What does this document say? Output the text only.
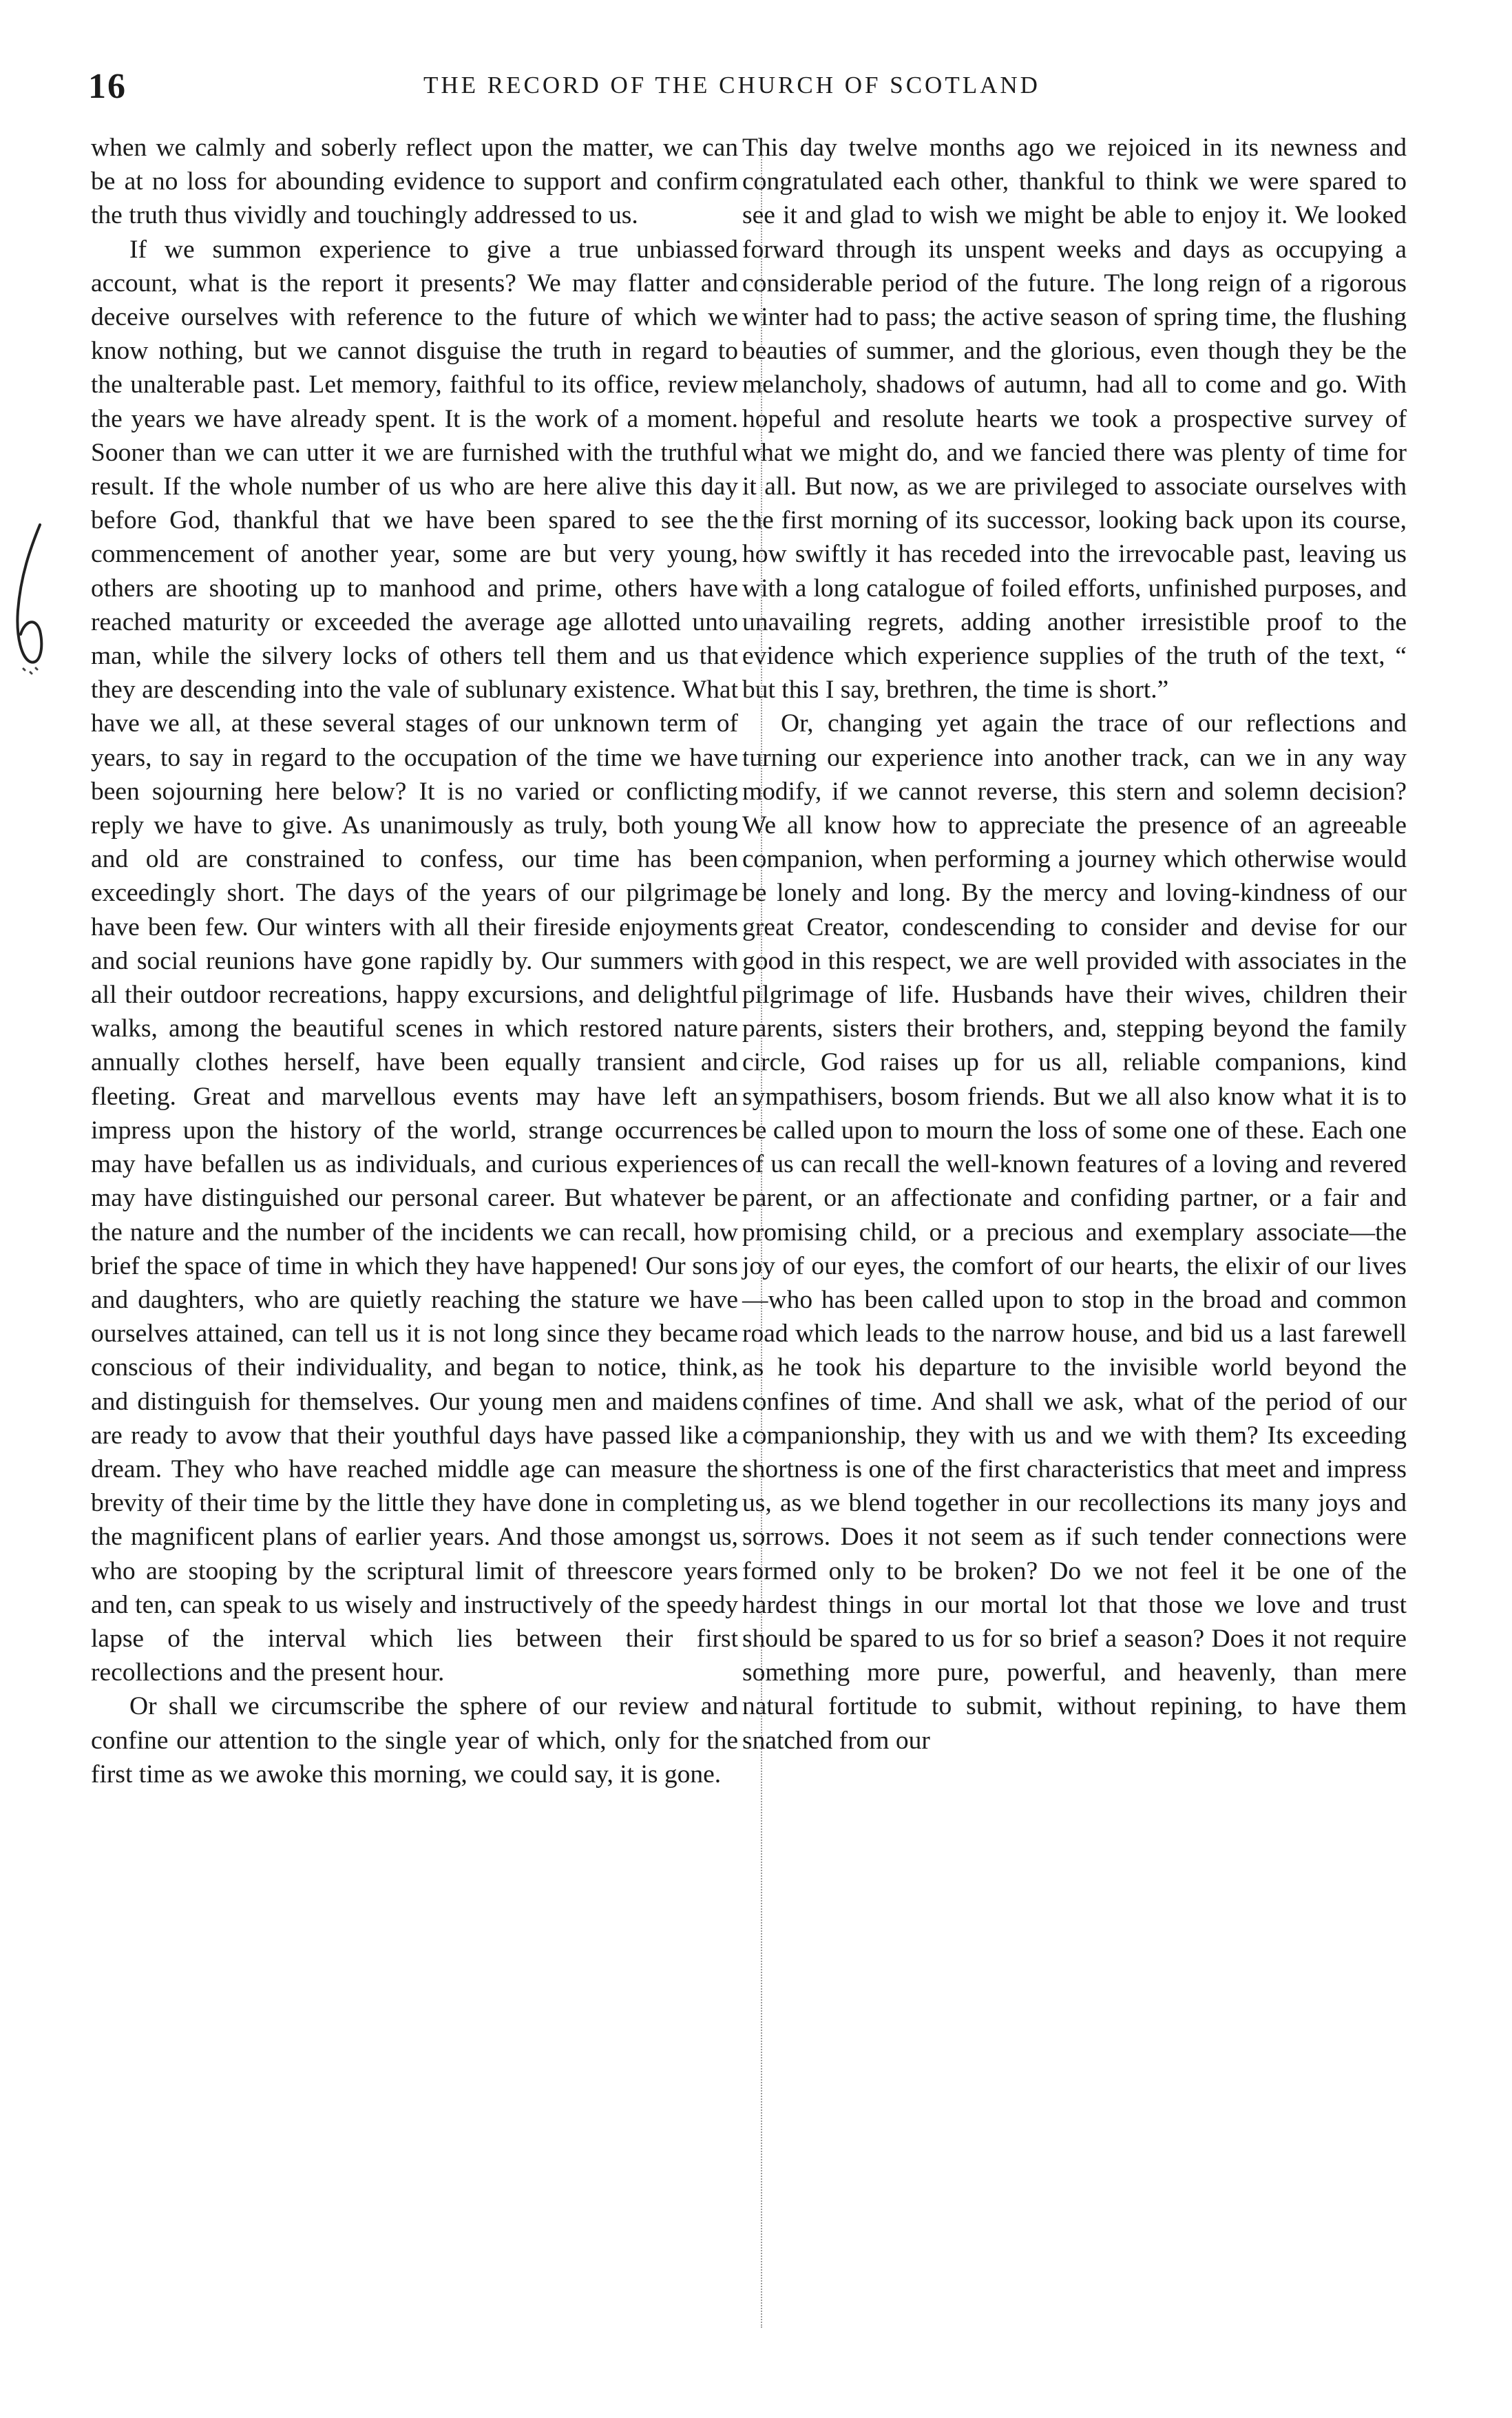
16	THE RECORD OF THE CHURCH OF SCOTLAND

when we calmly and soberly reflect upon the matter, we can be at no loss for abounding evidence to support and confirm the truth thus vividly and touchingly addressed to us.

If we summon experience to give a true unbiassed account, what is the report it presents? We may flatter and deceive ourselves with reference to the future of which we know nothing, but we cannot disguise the truth in regard to the unalterable past. Let memory, faithful to its office, review the years we have already spent. It is the work of a moment. Sooner than we can utter it we are furnished with the truthful result. If the whole number of us who are here alive this day before God, thankful that we have been spared to see the commencement of another year, some are but very young, others are shooting up to manhood and prime, others have reached maturity or exceeded the average age allotted unto man, while the silvery locks of others tell them and us that they are descending into the vale of sublunary existence. What have we all, at these several stages of our unknown term of years, to say in regard to the occupation of the time we have been sojourning here below? It is no varied or conflicting reply we have to give. As unanimously as truly, both young and old are constrained to confess, our time has been exceedingly short. The days of the years of our pilgrimage have been few. Our winters with all their fireside enjoyments and social reunions have gone rapidly by. Our summers with all their outdoor recreations, happy excursions, and delightful walks, among the beautiful scenes in which restored nature annually clothes herself, have been equally transient and fleeting. Great and marvellous events may have left an impress upon the history of the world, strange occurrences may have befallen us as individuals, and curious experiences may have distinguished our personal career. But whatever be the nature and the number of the incidents we can recall, how brief the space of time in which they have happened! Our sons and daughters, who are quietly reaching the stature we have ourselves attained, can tell us it is not long since they became conscious of their individuality, and began to notice, think, and distinguish for themselves. Our young men and maidens are ready to avow that their youthful days have passed like a dream. They who have reached middle age can measure the brevity of their time by the little they have done in completing the magnificent plans of earlier years. And those amongst us, who are stooping by the scriptural limit of threescore years and ten, can speak to us wisely and instructively of the speedy lapse of the interval which lies between their first recollections and the present hour.

Or shall we circumscribe the sphere of our review and confine our attention to the single year of which, only for the first time as we awoke this morning, we could say, it is gone.

This day twelve months ago we rejoiced in its newness and congratulated each other, thankful to think we were spared to see it and glad to wish we might be able to enjoy it. We looked forward through its unspent weeks and days as occupying a considerable period of the future. The long reign of a rigorous winter had to pass; the active season of spring time, the flushing beauties of summer, and the glorious, even though they be the melancholy, shadows of autumn, had all to come and go. With hopeful and resolute hearts we took a prospective survey of what we might do, and we fancied there was plenty of time for it all. But now, as we are privileged to associate ourselves with the first morning of its successor, looking back upon its course, how swiftly it has receded into the irrevocable past, leaving us with a long catalogue of foiled efforts, unfinished purposes, and unavailing regrets, adding another irresistible proof to the evidence which experience supplies of the truth of the text, “ but this I say, brethren, the time is short.”

Or, changing yet again the trace of our reflections and turning our experience into another track, can we in any way modify, if we cannot reverse, this stern and solemn decision? We all know how to appreciate the presence of an agreeable companion, when performing a journey which otherwise would be lonely and long. By the mercy and loving-kindness of our great Creator, condescending to consider and devise for our good in this respect, we are well provided with associates in the pilgrimage of life. Husbands have their wives, children their parents, sisters their brothers, and, stepping beyond the family circle, God raises up for us all, reliable companions, kind sympathisers, bosom friends. But we all also know what it is to be called upon to mourn the loss of some one of these. Each one of us can recall the well-known features of a loving and revered parent, or an affectionate and confiding partner, or a fair and promising child, or a precious and exemplary associate—the joy of our eyes, the comfort of our hearts, the elixir of our lives—who has been called upon to stop in the broad and common road which leads to the narrow house, and bid us a last farewell as he took his departure to the invisible world beyond the confines of time. And shall we ask, what of the period of our companionship, they with us and we with them? Its exceeding shortness is one of the first characteristics that meet and impress us, as we blend together in our recollections its many joys and sorrows. Does it not seem as if such tender connections were formed only to be broken? Do we not feel it be one of the hardest things in our mortal lot that those we love and trust should be spared to us for so brief a season? Does it not require something more pure, powerful, and heavenly, than mere natural fortitude to submit, without repining, to have them snatched from our
